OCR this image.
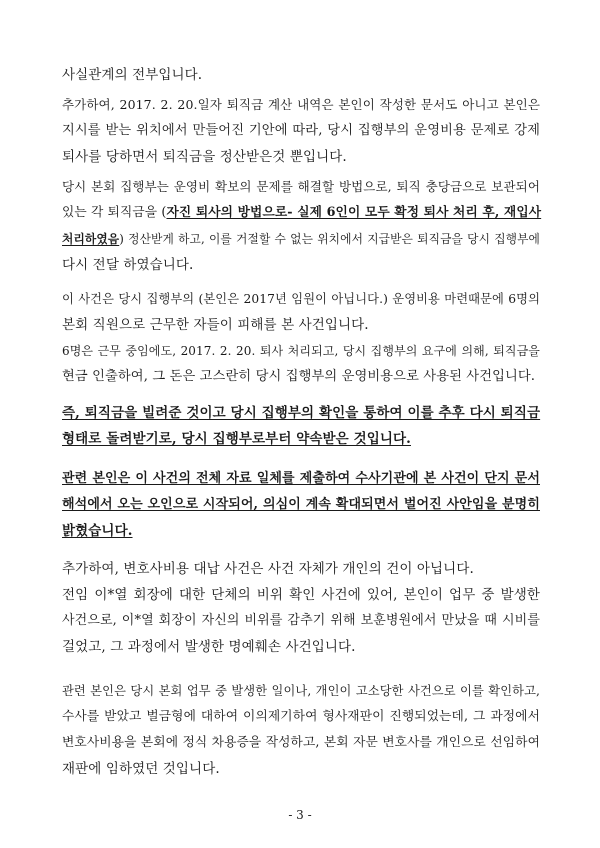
사실관계의 전부입니다.
추가하여, 2017. 2. 20.일자 퇴직금 계산 내역은 본인이 작성한 문서도 아니고 본인은
지시를 받는 위치에서 만들어진 기안에 따라, 당시 집행부의 운영비용 문제로 강제
퇴사를 당하면서 퇴직금을 정산받은것 뿐입니다.
당시 본회 집행부는 운영비 확보의 문제를 해결할 방법으로, 퇴직 충당금으로 보관되어
있는 각 퇴직금을 (자진 퇴사의 방법으로- 실제 6인이 모두 확정 퇴사 처리 후, 재입사
처리하였음) 정산받게 하고, 이를 거절할 수 없는 위치에서 지급받은 퇴직금을 당시 집행부에
다시 전달 하였습니다.
이 사건은 당시 집행부의 (본인은 2017년 임원이 아닙니다.) 운영비용 마련때문에 6명의
본회 직원으로 근무한 자들이 피해를 본 사건입니다.
6명은 근무 중임에도, 2017. 2. 20. 퇴사 처리되고, 당시 집행부의 요구에 의해, 퇴직금을
현금 인출하여, 그 돈은 고스란히 당시 집행부의 운영비용으로 사용된 사건입니다.
즉, 퇴직금을 빌려준 것이고 당시 집행부의 확인을 통하여 이를 추후 다시 퇴직금
형태로 돌려받기로, 당시 집행부로부터 약속받은 것입니다.
관련 본인은 이 사건의 전체 자료 일체를 제출하여 수사기관에 본 사건이 단지 문서
해석에서 오는 오인으로 시작되어, 의심이 계속 확대되면서 벌어진 사안임을 분명히
밝혔습니다.
추가하여, 변호사비용 대납 사건은 사건 자체가 개인의 건이 아닙니다.
전임 이*열 회장에 대한 단체의 비위 확인 사건에 있어, 본인이 업무 중 발생한
사건으로, 이*열 회장이 자신의 비위를 감추기 위해 보훈병원에서 만났을 때 시비를
걸었고, 그 과정에서 발생한 명예훼손 사건입니다.
관련 본인은 당시 본회 업무 중 발생한 일이나, 개인이 고소당한 사건으로 이를 확인하고,
수사를 받았고 벌금형에 대하여 이의제기하여 형사재판이 진행되었는데, 그 과정에서
변호사비용을 본회에 정식 차용증을 작성하고, 본회 자문 변호사를 개인으로 선임하여
재판에 임하였던 것입니다.
- 3 -
